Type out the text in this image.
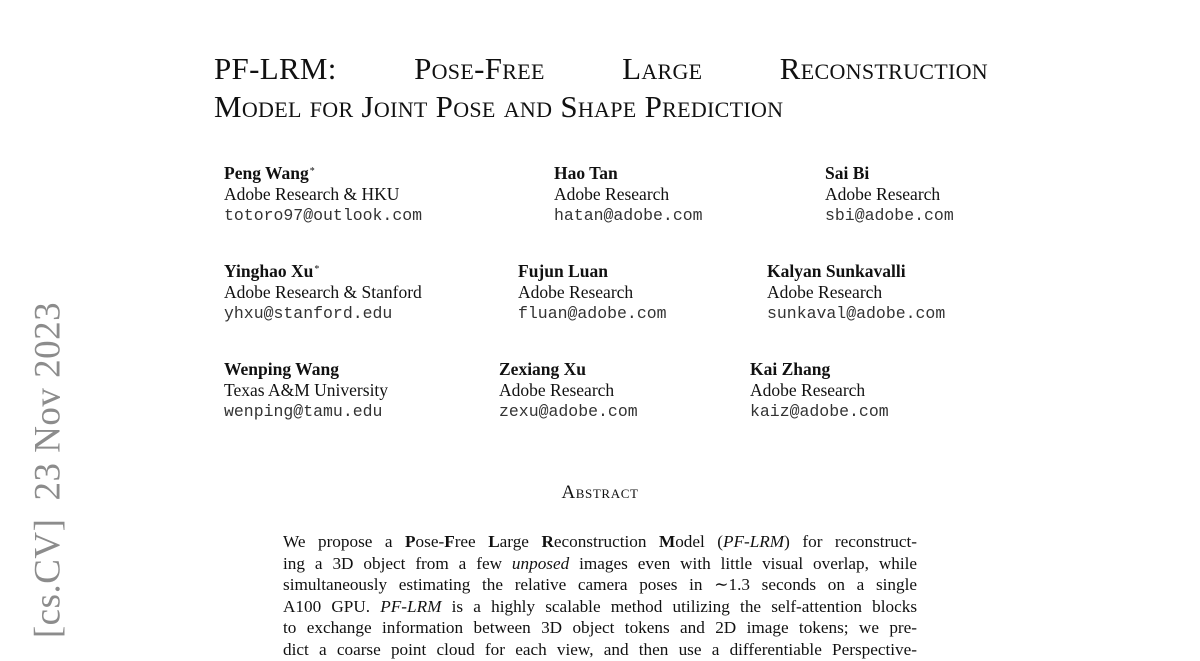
[cs.CV]23 Nov 2023
PF-LRM: Pose-Free Large Reconstruction
Model for Joint Pose and Shape Prediction
Peng Wang*
Adobe Research & HKU
totoro97@outlook.com
Hao Tan
Adobe Research
hatan@adobe.com
Sai Bi
Adobe Research
sbi@adobe.com
Yinghao Xu*
Adobe Research & Stanford
yhxu@stanford.edu
Fujun Luan
Adobe Research
fluan@adobe.com
Kalyan Sunkavalli
Adobe Research
sunkaval@adobe.com
Wenping Wang
Texas A&M University
wenping@tamu.edu
Zexiang Xu
Adobe Research
zexu@adobe.com
Kai Zhang
Adobe Research
kaiz@adobe.com
Abstract
We propose a Pose-Free Large Reconstruction Model (PF-LRM) for reconstruct-
ing a 3D object from a few unposed images even with little visual overlap, while
simultaneously estimating the relative camera poses in ∼1.3 seconds on a single
A100 GPU. PF-LRM is a highly scalable method utilizing the self-attention blocks
to exchange information between 3D object tokens and 2D image tokens; we pre-
dict a coarse point cloud for each view, and then use a differentiable Perspective-
